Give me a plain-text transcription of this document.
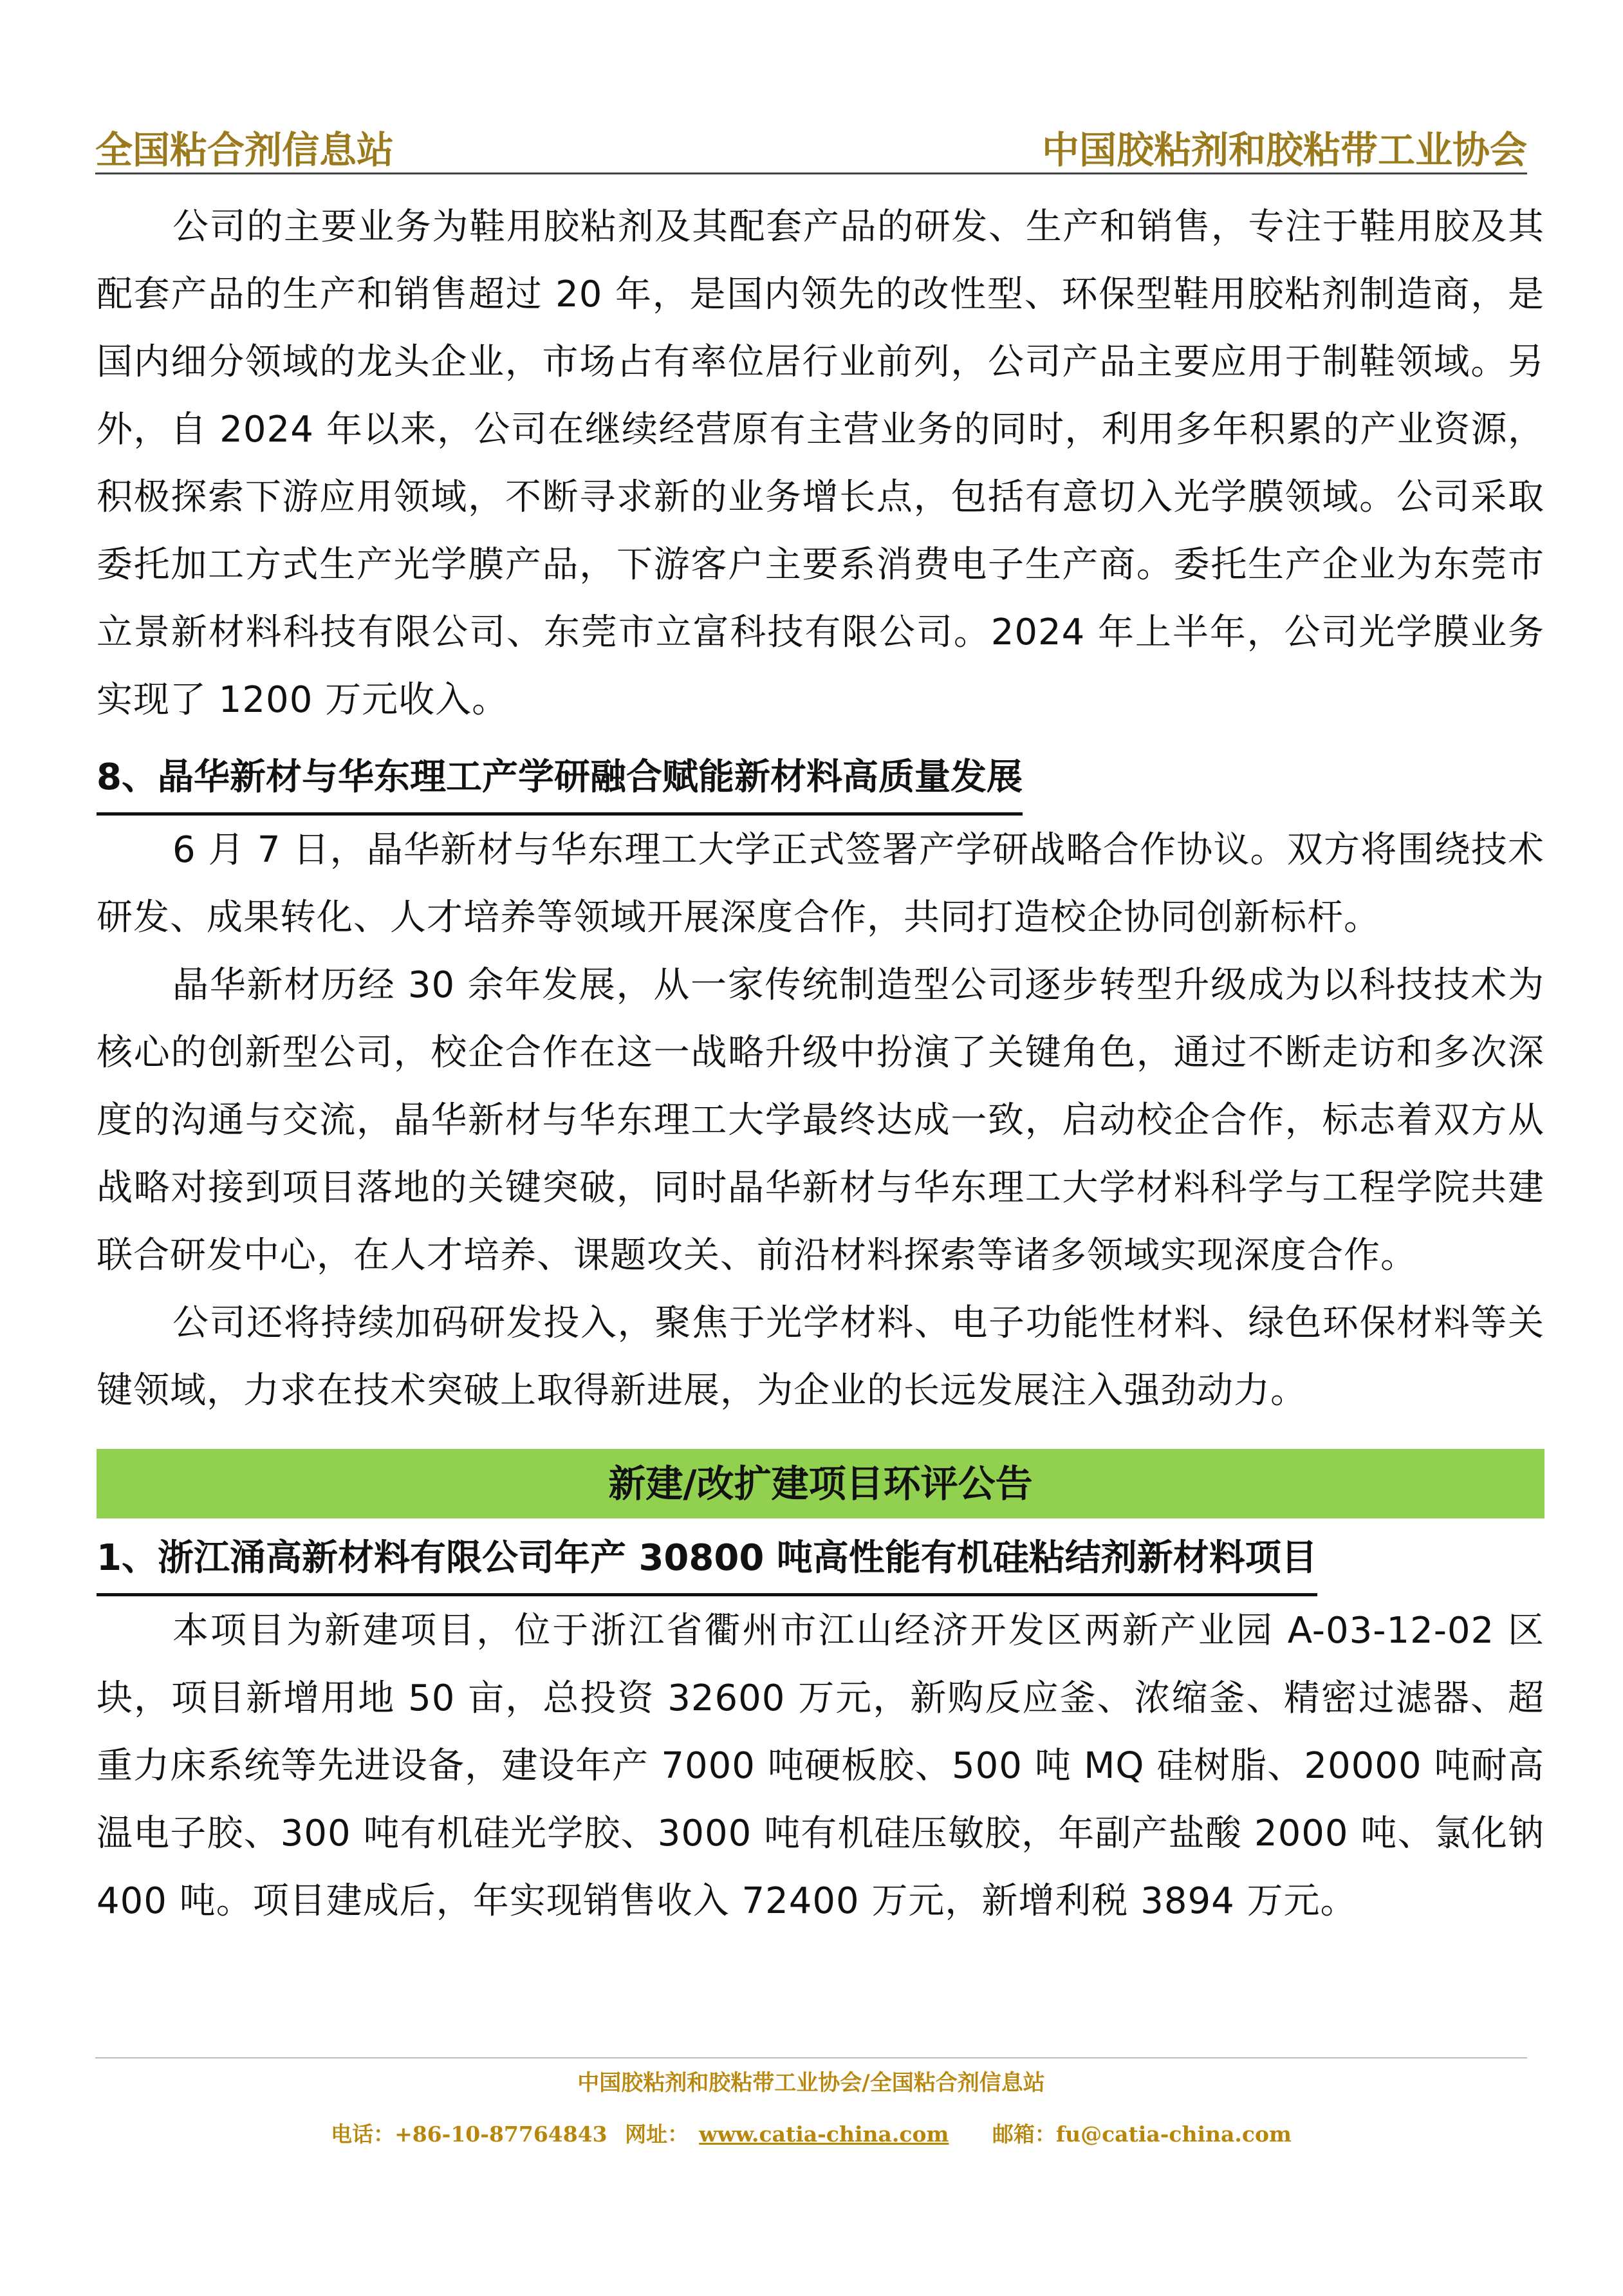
全国粘合剂信息站	中国胶粘剂和胶粘带工业协会

公司的主要业务为鞋用胶粘剂及其配套产品的研发、生产和销售，专注于鞋用胶及其配套产品的生产和销售超过 20 年，是国内领先的改性型、环保型鞋用胶粘剂制造商，是国内细分领域的龙头企业，市场占有率位居行业前列，公司产品主要应用于制鞋领域。另外，自 2024 年以来，公司在继续经营原有主营业务的同时，利用多年积累的产业资源，积极探索下游应用领域，不断寻求新的业务增长点，包括有意切入光学膜领域。公司采取委托加工方式生产光学膜产品，下游客户主要系消费电子生产商。委托生产企业为东莞市立景新材料科技有限公司、东莞市立富科技有限公司。2024 年上半年，公司光学膜业务实现了 1200 万元收入。

8、晶华新材与华东理工产学研融合赋能新材料高质量发展

6 月 7 日，晶华新材与华东理工大学正式签署产学研战略合作协议。双方将围绕技术研发、成果转化、人才培养等领域开展深度合作，共同打造校企协同创新标杆。

晶华新材历经 30 余年发展，从一家传统制造型公司逐步转型升级成为以科技技术为核心的创新型公司，校企合作在这一战略升级中扮演了关键角色，通过不断走访和多次深度的沟通与交流，晶华新材与华东理工大学最终达成一致，启动校企合作，标志着双方从战略对接到项目落地的关键突破，同时晶华新材与华东理工大学材料科学与工程学院共建联合研发中心，在人才培养、课题攻关、前沿材料探索等诸多领域实现深度合作。

公司还将持续加码研发投入，聚焦于光学材料、电子功能性材料、绿色环保材料等关键领域，力求在技术突破上取得新进展，为企业的长远发展注入强劲动力。

新建/改扩建项目环评公告
1、浙江涌高新材料有限公司年产 30800 吨高性能有机硅粘结剂新材料项目

本项目为新建项目，位于浙江省衢州市江山经济开发区两新产业园 A-03-12-02 区块，项目新增用地 50 亩，总投资 32600 万元，新购反应釜、浓缩釜、精密过滤器、超重力床系统等先进设备，建设年产 7000 吨硬板胶、500 吨 MQ 硅树脂、20000 吨耐高温电子胶、300 吨有机硅光学胶、3000 吨有机硅压敏胶，年副产盐酸 2000 吨、氯化钠 400 吨。项目建成后，年实现销售收入 72400 万元，新增利税 3894 万元。

中国胶粘剂和胶粘带工业协会/全国粘合剂信息站
电话：+86-10-87764843 网址： www.catia-china.com 邮箱：fu@catia-china.com
